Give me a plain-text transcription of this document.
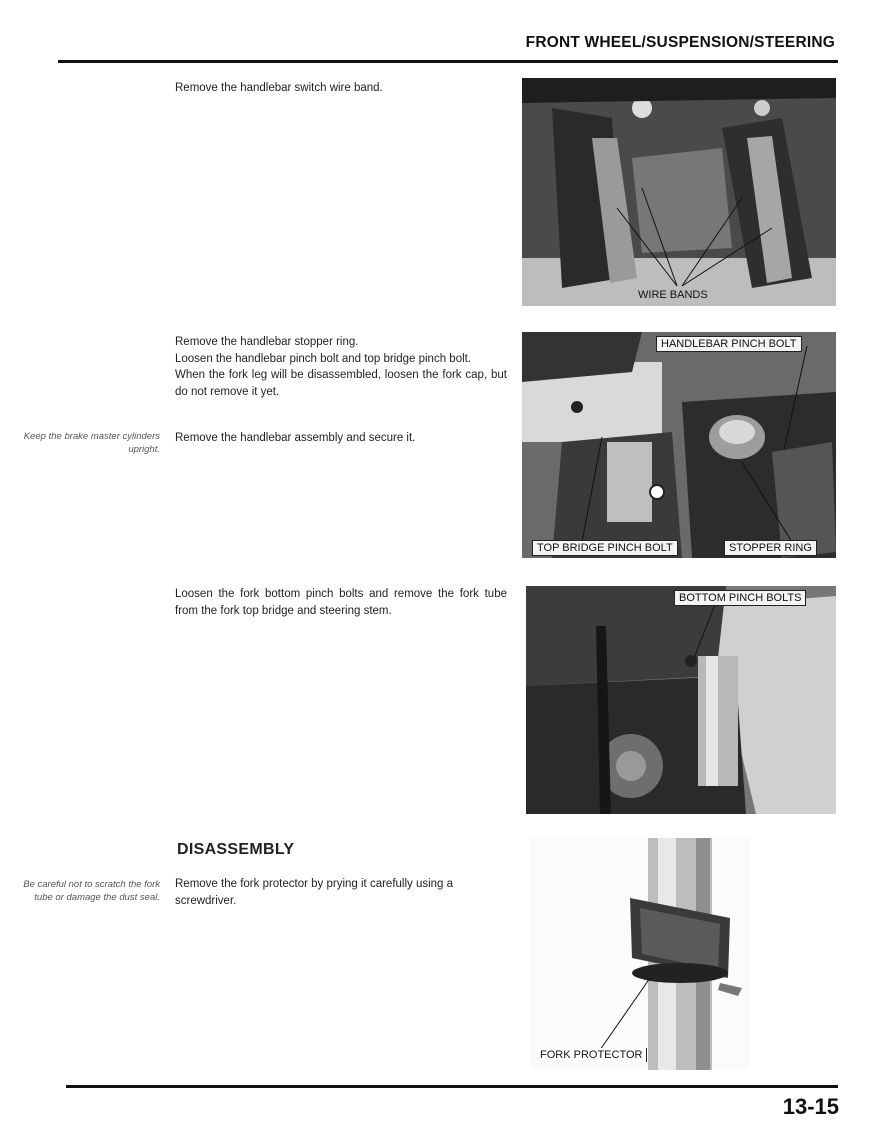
FRONT WHEEL/SUSPENSION/STEERING
Remove the handlebar switch wire band.
WIRE BANDS
Remove the handlebar stopper ring.
Loosen the handlebar pinch bolt and top bridge pinch bolt.
When the fork leg will be disassembled, loosen the fork cap, but do not remove it yet.
Remove the handlebar assembly and secure it.
Keep the brake master cylinders upright.
HANDLEBAR PINCH BOLT
TOP BRIDGE PINCH BOLT	STOPPER RING
Loosen the fork bottom pinch bolts and remove the fork tube from the fork top bridge and steering stem.
BOTTOM PINCH BOLTS
DISASSEMBLY
Remove the fork protector by prying it carefully using a screwdriver.
Be careful not to scratch the fork tube or damage the dust seal.
FORK PROTECTOR
13-15
